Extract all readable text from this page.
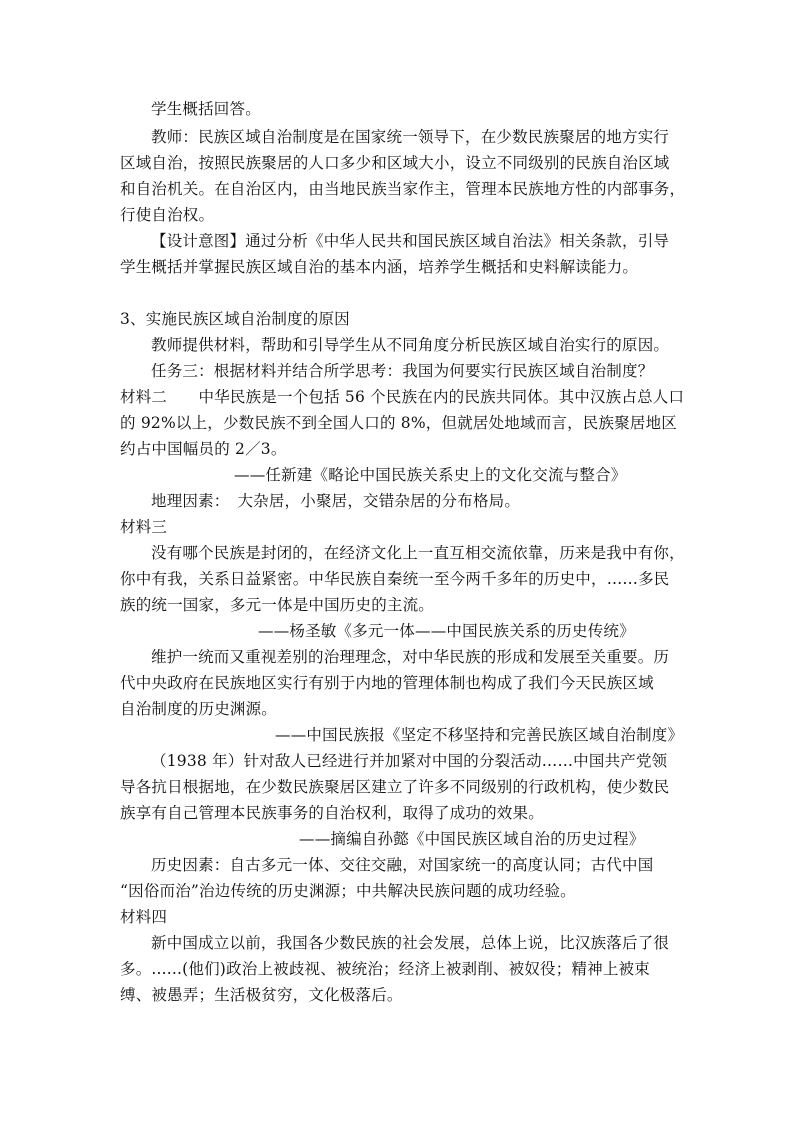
学生概括回答。
教师：民族区域自治制度是在国家统一领导下，在少数民族聚居的地方实行
区域自治，按照民族聚居的人口多少和区域大小，设立不同级别的民族自治区域
和自治机关。在自治区内，由当地民族当家作主，管理本民族地方性的内部事务，
行使自治权。
【设计意图】通过分析《中华人民共和国民族区域自治法》相关条款，引导
学生概括并掌握民族区域自治的基本内涵，培养学生概括和史料解读能力。
3、实施民族区域自治制度的原因
教师提供材料，帮助和引导学生从不同角度分析民族区域自治实行的原因。
任务三：根据材料并结合所学思考：我国为何要实行民族区域自治制度？
材料二　　中华民族是一个包括 56 个民族在内的民族共同体。其中汉族占总人口
的 92%以上，少数民族不到全国人口的 8%，但就居处地域而言，民族聚居地区
约占中国幅员的 2／3。
——任新建《略论中国民族关系史上的文化交流与整合》
地理因素：　大杂居，小聚居，交错杂居的分布格局。
材料三
没有哪个民族是封闭的，在经济文化上一直互相交流依靠，历来是我中有你，
你中有我，关系日益紧密。中华民族自秦统一至今两千多年的历史中，……多民
族的统一国家，多元一体是中国历史的主流。
——杨圣敏《多元一体——中国民族关系的历史传统》
维护一统而又重视差别的治理理念，对中华民族的形成和发展至关重要。历
代中央政府在民族地区实行有别于内地的管理体制也构成了我们今天民族区域
自治制度的历史渊源。
——中国民族报《坚定不移坚持和完善民族区域自治制度》
（1938 年）针对敌人已经进行并加紧对中国的分裂活动……中国共产党领
导各抗日根据地，在少数民族聚居区建立了许多不同级别的行政机构，使少数民
族享有自己管理本民族事务的自治权利，取得了成功的效果。
——摘编自孙懿《中国民族区域自治的历史过程》
历史因素：自古多元一体、交往交融，对国家统一的高度认同；古代中国
“因俗而治”治边传统的历史渊源；中共解决民族问题的成功经验。
材料四
新中国成立以前，我国各少数民族的社会发展，总体上说，比汉族落后了很
多。......(他们)政治上被歧视、被统治；经济上被剥削、被奴役；精神上被束
缚、被愚弄；生活极贫穷，文化极落后。
